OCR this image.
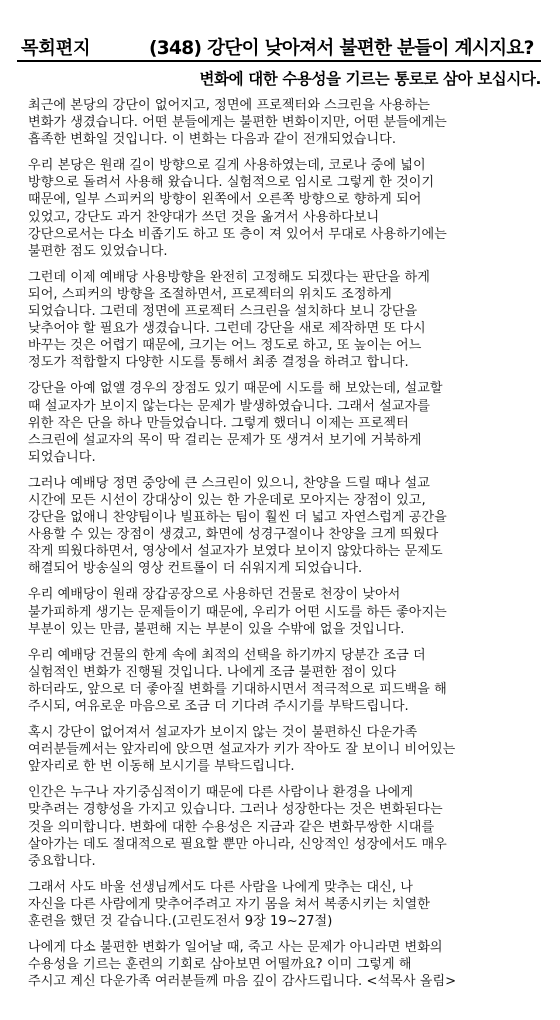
목회편지	(348) 강단이 낮아져서 불편한 분들이 계시지요?
변화에 대한 수용성을 기르는 통로로 삼아 보십시다.
최근에 본당의 강단이 없어지고, 정면에 프로젝터와 스크린을 사용하는
변화가 생겼습니다. 어떤 분들에게는 불편한 변화이지만, 어떤 분들에게는
흡족한 변화일 것입니다. 이 변화는 다음과 같이 전개되었습니다.
우리 본당은 원래 길이 방향으로 길게 사용하였는데, 코로나 중에 넓이
방향으로 돌려서 사용해 왔습니다. 실험적으로 임시로 그렇게 한 것이기
때문에, 일부 스피커의 방향이 왼쪽에서 오른쪽 방향으로 향하게 되어
있었고, 강단도 과거 찬양대가 쓰던 것을 옮겨서 사용하다보니
강단으로서는 다소 비좁기도 하고 또 층이 져 있어서 무대로 사용하기에는
불편한 점도 있었습니다.
그런데 이제 예배당 사용방향을 완전히 고정해도 되겠다는 판단을 하게
되어, 스피커의 방향을 조절하면서, 프로젝터의 위치도 조정하게
되었습니다. 그런데 정면에 프로젝터 스크린을 설치하다 보니 강단을
낮추어야 할 필요가 생겼습니다. 그런데 강단을 새로 제작하면 또 다시
바꾸는 것은 어렵기 때문에, 크기는 어느 정도로 하고, 또 높이는 어느
정도가 적합할지 다양한 시도를 통해서 최종 결정을 하려고 합니다.
강단을 아예 없앨 경우의 장점도 있기 때문에 시도를 해 보았는데, 설교할
때 설교자가 보이지 않는다는 문제가 발생하였습니다. 그래서 설교자를
위한 작은 단을 하나 만들었습니다. 그렇게 했더니 이제는 프로젝터
스크린에 설교자의 목이 딱 걸리는 문제가 또 생겨서 보기에 거북하게
되었습니다.
그러나 예배당 정면 중앙에 큰 스크린이 있으니, 찬양을 드릴 때나 설교
시간에 모든 시선이 강대상이 있는 한 가운데로 모아지는 장점이 있고,
강단을 없애니 찬양팀이나 빌표하는 팀이 훨씬 더 넓고 자연스럽게 공간을
사용할 수 있는 장점이 생겼고, 화면에 성경구절이나 찬양을 크게 띄웠다
작게 띄웠다하면서, 영상에서 설교자가 보였다 보이지 않았다하는 문제도
해결되어 방송실의 영상 컨트롤이 더 쉬워지게 되었습니다.
우리 예배당이 원래 장갑공장으로 사용하던 건물로 천장이 낮아서
불가피하게 생기는 문제들이기 때문에, 우리가 어떤 시도를 하든 좋아지는
부분이 있는 만큼, 불편해 지는 부분이 있을 수밖에 없을 것입니다.
우리 예배당 건물의 한계 속에 최적의 선택을 하기까지 당분간 조금 더
실험적인 변화가 진행될 것입니다. 나에게 조금 불편한 점이 있다
하더라도, 앞으로 더 좋아질 변화를 기대하시면서 적극적으로 피드백을 해
주시되, 여유로운 마음으로 조금 더 기다려 주시기를 부탁드립니다.
혹시 강단이 없어져서 설교자가 보이지 않는 것이 불편하신 다운가족
여러분들께서는 앞자리에 앉으면 설교자가 키가 작아도 잘 보이니 비어있는
앞자리로 한 번 이동해 보시기를 부탁드립니다.
인간은 누구나 자기중심적이기 때문에 다른 사람이나 환경을 나에게
맞추려는 경향성을 가지고 있습니다. 그러나 성장한다는 것은 변화된다는
것을 의미합니다. 변화에 대한 수용성은 지금과 같은 변화무쌍한 시대를
살아가는 데도 절대적으로 필요할 뿐만 아니라, 신앙적인 성장에서도 매우
중요합니다.
그래서 사도 바울 선생님께서도 다른 사람을 나에게 맞추는 대신, 나
자신을 다른 사람에게 맞추어주려고 자기 몸을 쳐서 복종시키는 치열한
훈련을 했던 것 같습니다.(고린도전서 9장 19~27절)
나에게 다소 불편한 변화가 일어날 때, 죽고 사는 문제가 아니라면 변화의
수용성을 기르는 훈련의 기회로 삼아보면 어떨까요? 이미 그렇게 해
주시고 계신 다운가족 여러분들께 마음 깊이 감사드립니다. <석목사 올림>
